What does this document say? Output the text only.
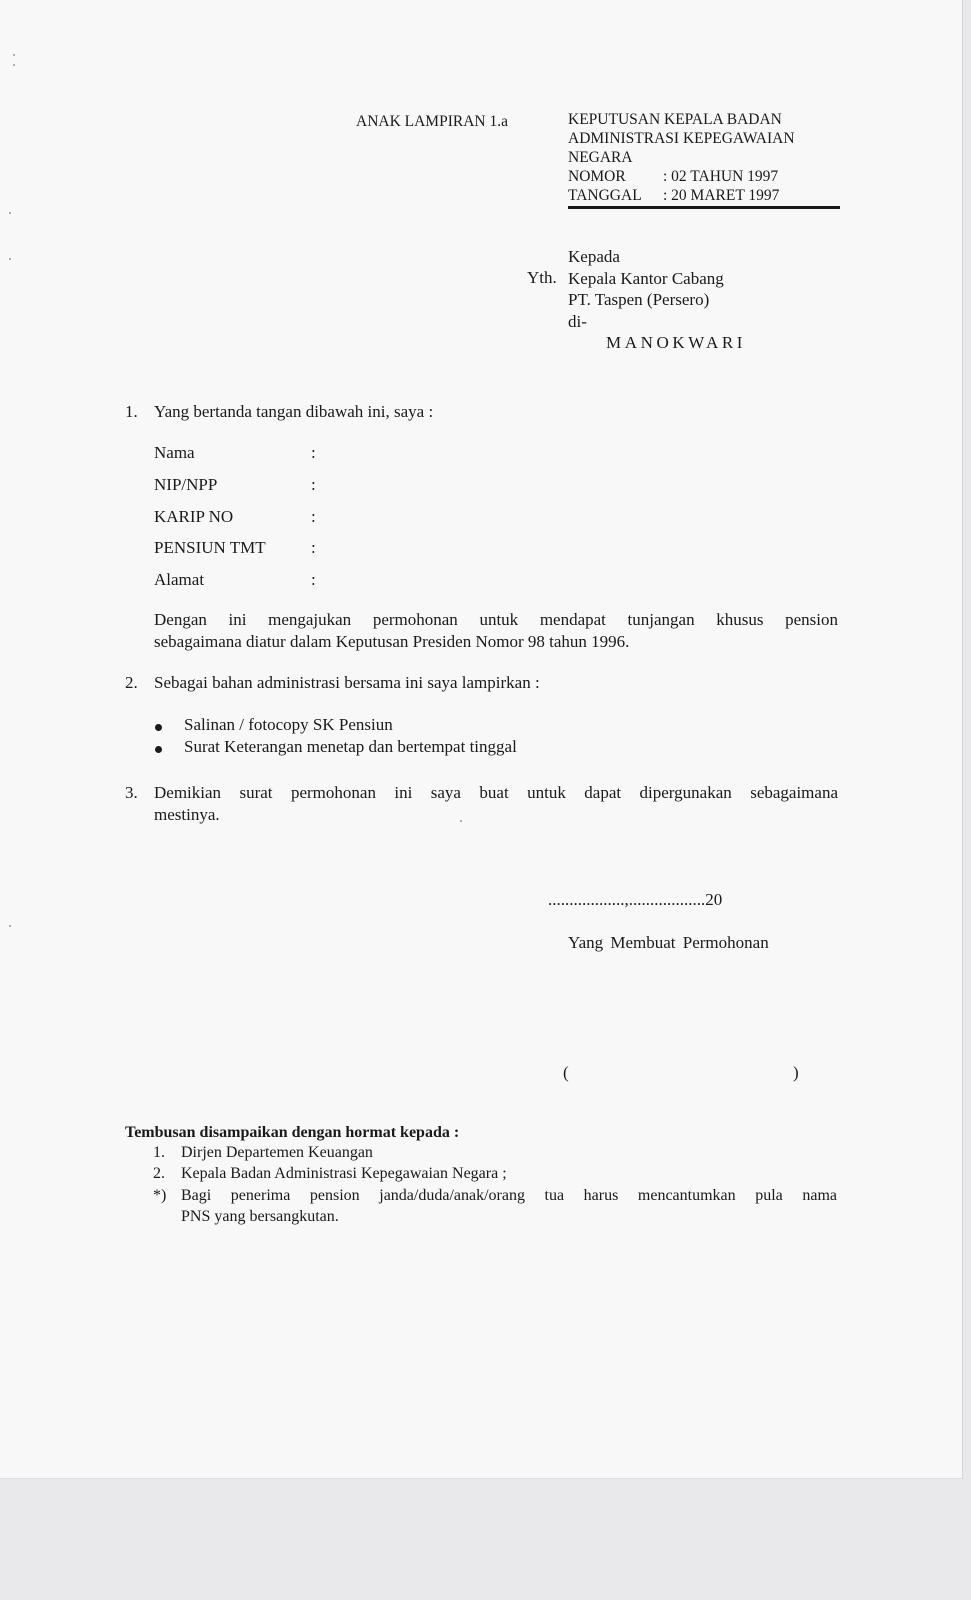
ANAK LAMPIRAN 1.a	KEPUTUSAN KEPALA BADAN
ADMINISTRASI KEPEGAWAIAN
NEGARA
NOMOR	: 02 TAHUN 1997
TANGGAL	: 20 MARET 1997
Yth.
Kepada
Kepala Kantor Cabang
PT. Taspen (Persero)
di-
MANOKWARI
1. Yang bertanda tangan dibawah ini, saya :
Nama	:
NIP/NPP	:
KARIP NO	:
PENSIUN TMT	:
Alamat	:
Dengan ini mengajukan permohonan untuk mendapat tunjangan khusus pension
sebagaimana diatur dalam Keputusan Presiden Nomor 98 tahun 1996.
2. Sebagai bahan administrasi bersama ini saya lampirkan :
Salinan / fotocopy SK Pensiun
Surat Keterangan menetap dan bertempat tinggal
3. Demikian surat permohonan ini saya buat untuk dapat dipergunakan sebagaimana
mestinya.
..................,..................20
Yang Membuat Permohonan
(	)
Tembusan disampaikan dengan hormat kepada :
1. Dirjen Departemen Keuangan
2. Kepala Badan Administrasi Kepegawaian Negara ;
*) Bagi penerima pension janda/duda/anak/orang tua harus mencantumkan pula nama
PNS yang bersangkutan.
